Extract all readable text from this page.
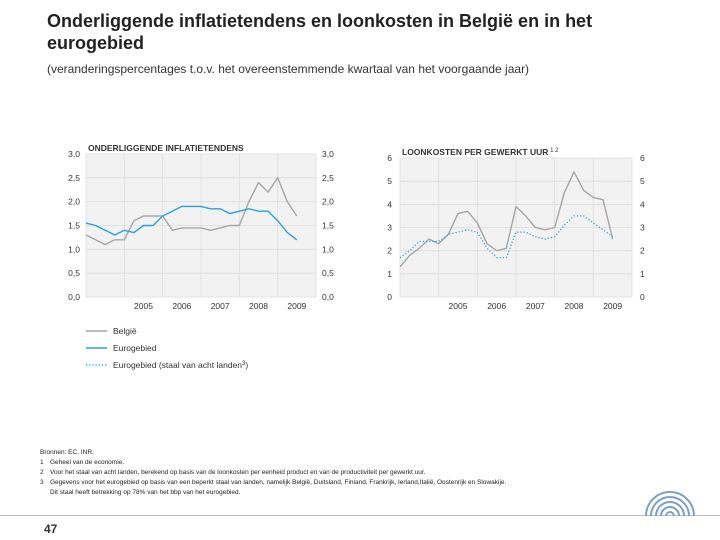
Onderliggende inflatietendens en loonkosten in België en in het eurogebied
(veranderingspercentages t.o.v. het overeenstemmende kwartaal van het voorgaande jaar)
3,0	3,0
2,5	2,5
2,0	2,0
1,5	1,5
1,0	1,0
0,5	0,5
0,0	0,0
2005 2006 2007 2008 2009
ONDERLIGGENDE INFLATIETENDENS
6	6
5	5
4	4
3	3
2	2
1	1
0	0
2005 2006 2007 2008 2009
LOONKOSTEN PER GEWERKT UUR $^{1 2}$
België
Eurogebied
Eurogebied (staal van acht landen$^3$)
Bronnen: EC, INR.
1 Geheel van de economie.
2 Voor het staal van acht landen, berekend op basis van de loonkosten per eenheid product en van de productiviteit per gewerkt uur.
3 Gegevens voor het eurogebied op basis van een beperkt staal van landen, namelijk België, Duitsland, Finland, Frankrijk, Ierland,Italië, Oostenrijk en Slowakije.
Dit staal heeft betrekking op 78% van het bbp van het eurogebied.
47
